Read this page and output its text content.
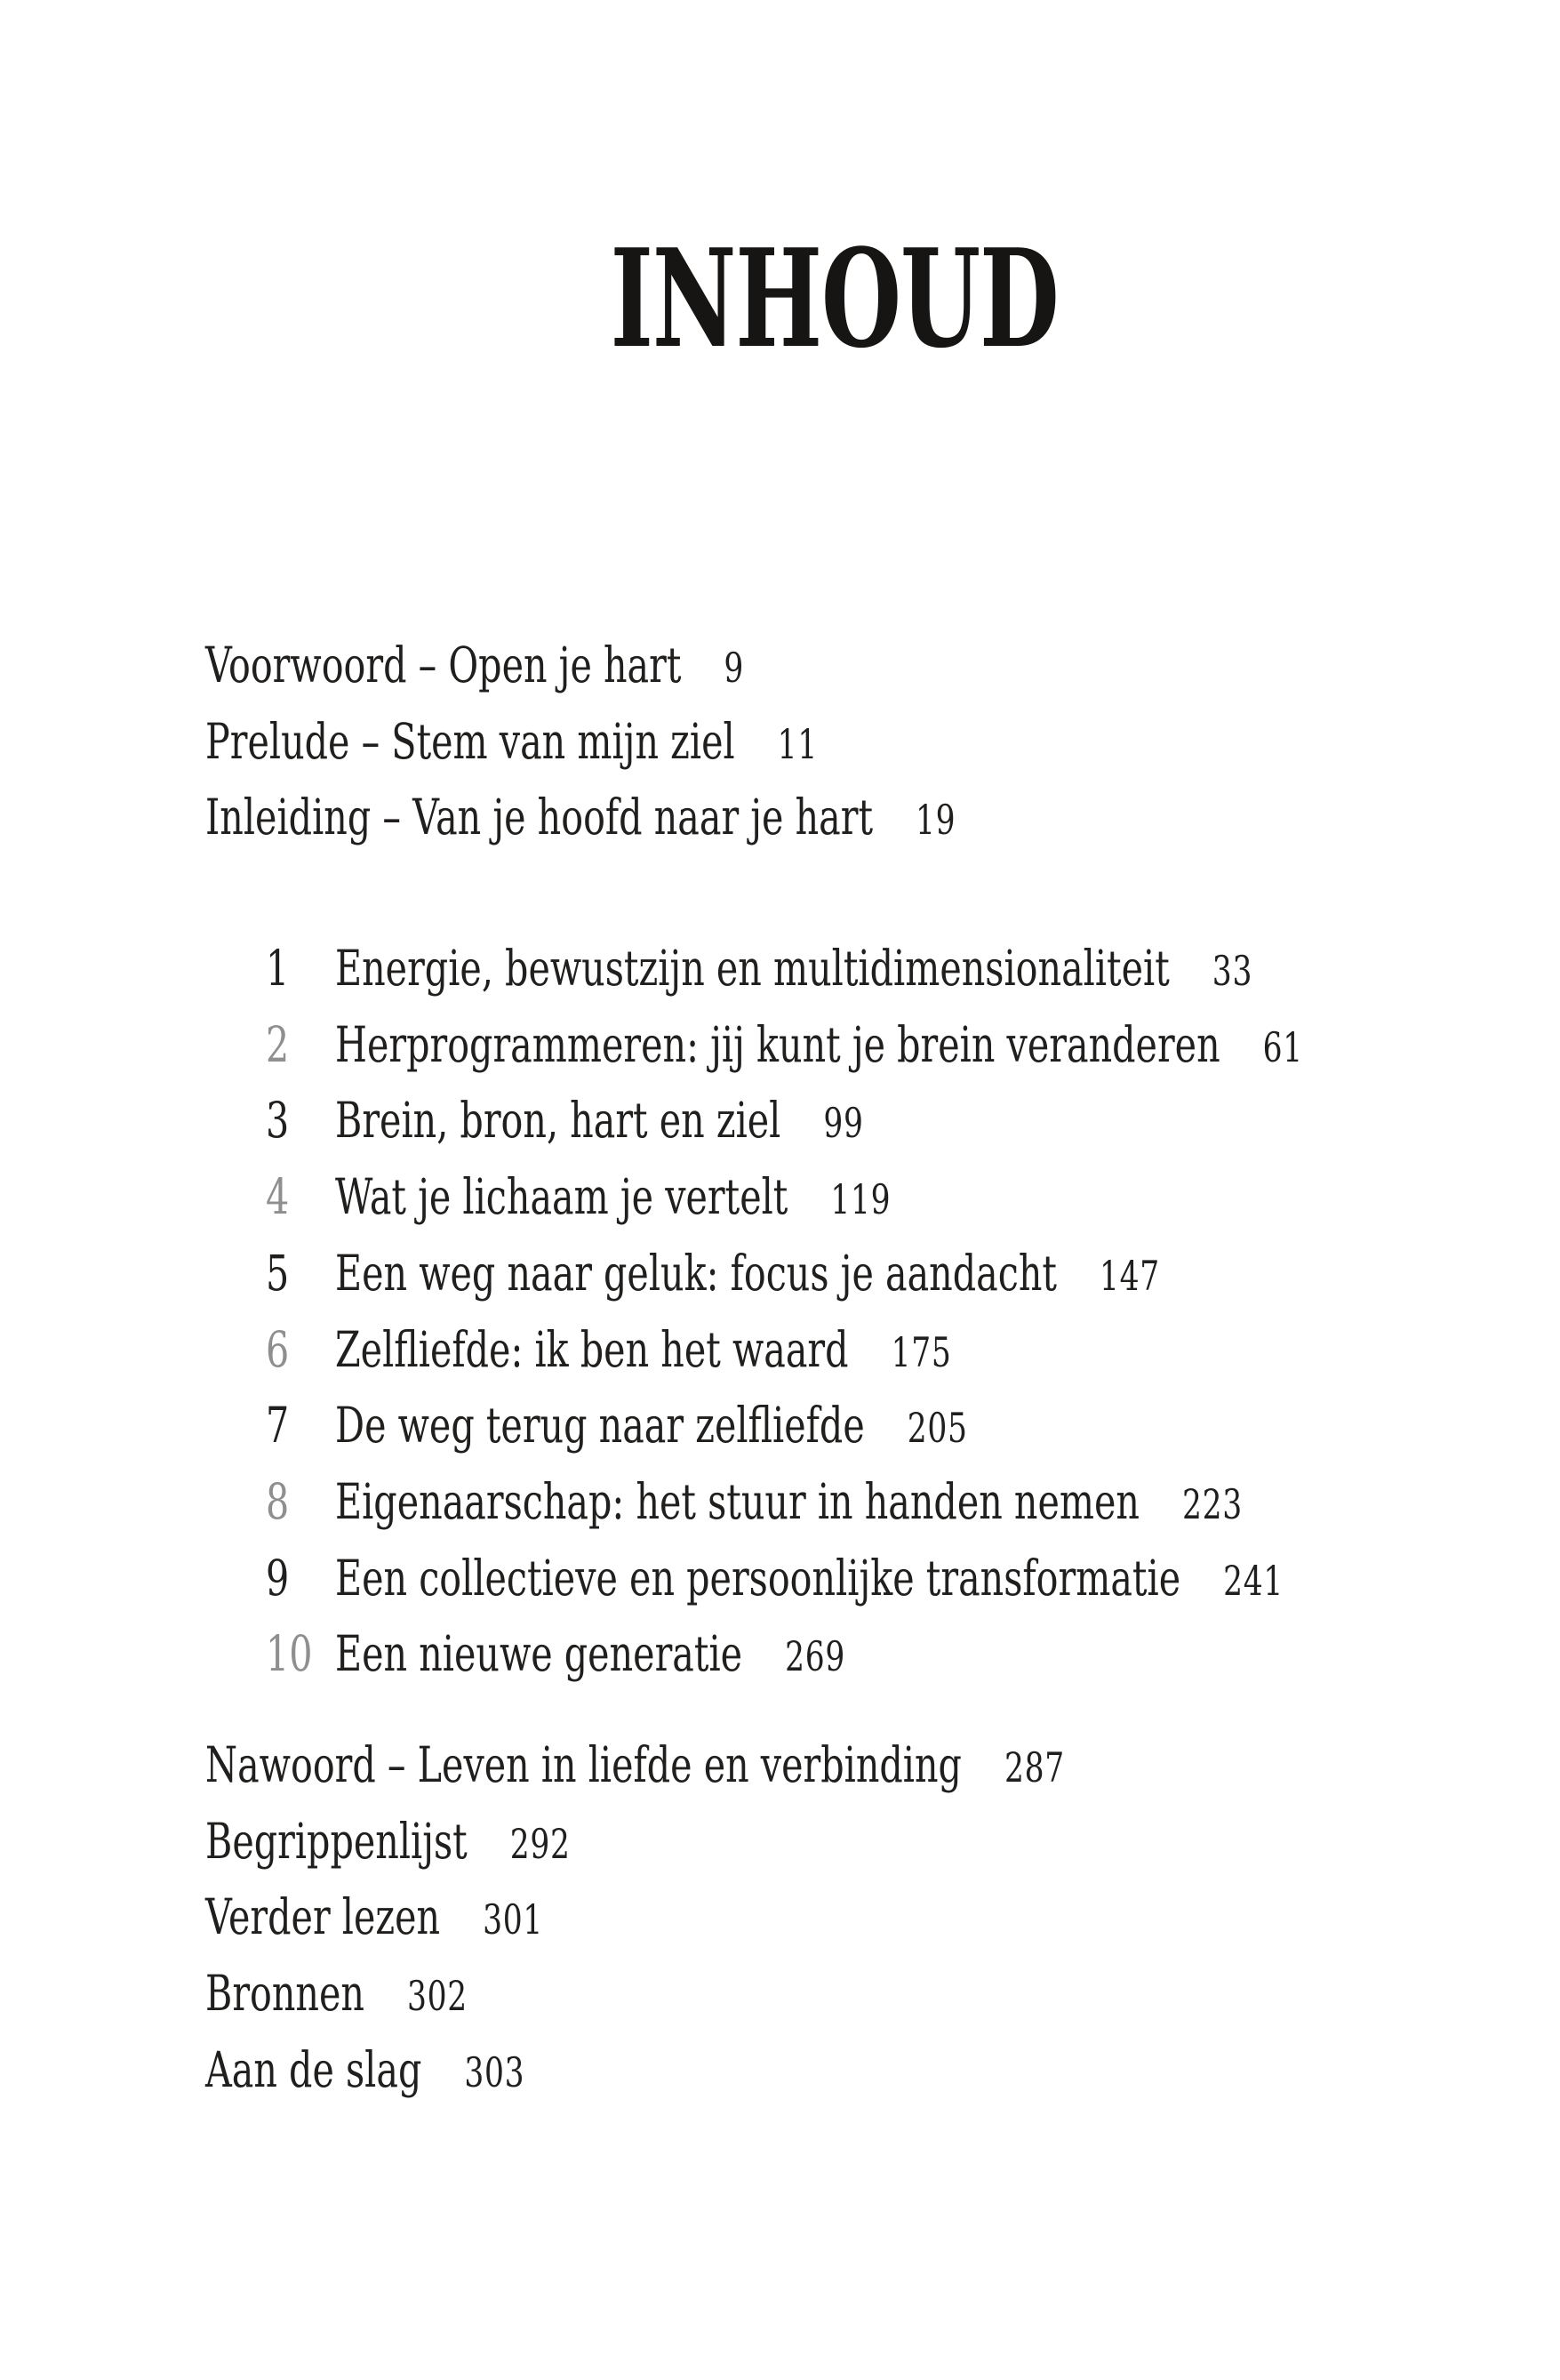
INHOUD
Voorwoord – Open je hart 9
Prelude – Stem van mijn ziel 11
Inleiding – Van je hoofd naar je hart 19
1 Energie, bewustzijn en multidimensionaliteit 33
2 Herprogrammeren: jij kunt je brein veranderen 61
3 Brein, bron, hart en ziel 99
4 Wat je lichaam je vertelt 119
5 Een weg naar geluk: focus je aandacht 147
6 Zelfliefde: ik ben het waard 175
7 De weg terug naar zelfliefde 205
8 Eigenaarschap: het stuur in handen nemen 223
9 Een collectieve en persoonlijke transformatie 241
10 Een nieuwe generatie 269
Nawoord – Leven in liefde en verbinding 287
Begrippenlijst 292
Verder lezen 301
Bronnen 302
Aan de slag 303
